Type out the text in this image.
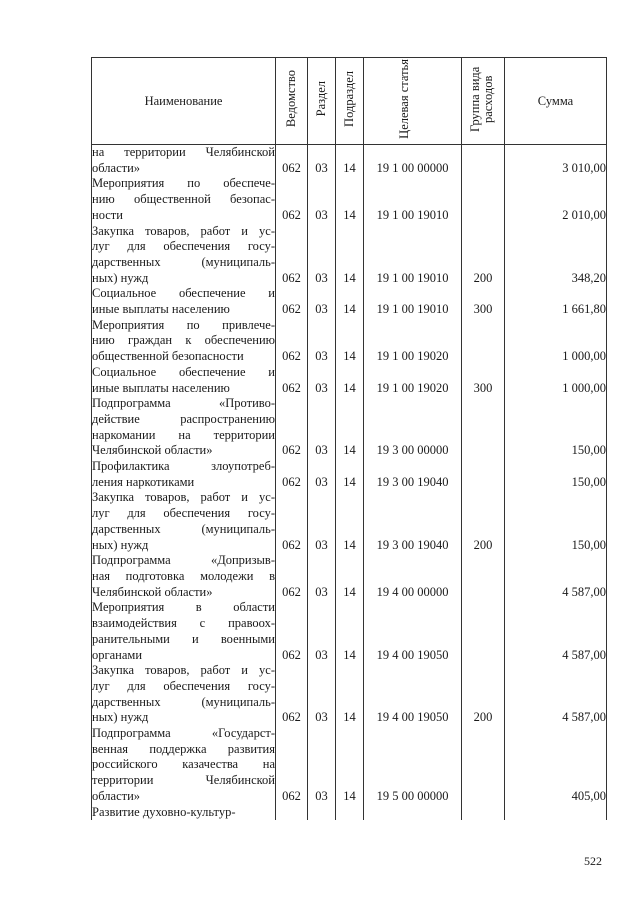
Наименование	Ведомство	Раздел	Подраздел	Целевая статья	Группа вида расходов	Сумма

на территории Челябинской
области»	062	03	14	19 1 00 00000		3 010,00

Мероприятия по обеспече-
нию общественной безопас-
ности	062	03	14	19 1 00 19010		2 010,00

Закупка товаров, работ и ус-
луг для обеспечения госу-
дарственных (муниципаль-
ных) нужд	062	03	14	19 1 00 19010	200	348,20

Социальное обеспечение и
иные выплаты населению	062	03	14	19 1 00 19010	300	1 661,80

Мероприятия по привлече-
нию граждан к обеспечению
общественной безопасности	062	03	14	19 1 00 19020		1 000,00

Социальное обеспечение и
иные выплаты населению	062	03	14	19 1 00 19020	300	1 000,00

Подпрограмма «Противо-
действие распространению
наркомании на территории
Челябинской области»	062	03	14	19 3 00 00000		150,00

Профилактика злоупотреб-
ления наркотиками	062	03	14	19 3 00 19040		150,00

Закупка товаров, работ и ус-
луг для обеспечения госу-
дарственных (муниципаль-
ных) нужд	062	03	14	19 3 00 19040	200	150,00

Подпрограмма «Допризыв-
ная подготовка молодежи в
Челябинской области»	062	03	14	19 4 00 00000		4 587,00

Мероприятия в области
взаимодействия с правоох-
ранительными и военными
органами	062	03	14	19 4 00 19050		4 587,00

Закупка товаров, работ и ус-
луг для обеспечения госу-
дарственных (муниципаль-
ных) нужд	062	03	14	19 4 00 19050	200	4 587,00

Подпрограмма «Государст-
венная поддержка развития
российского казачества на
территории Челябинской
области»	062	03	14	19 5 00 00000		405,00

Развитие духовно-культур-						

522
